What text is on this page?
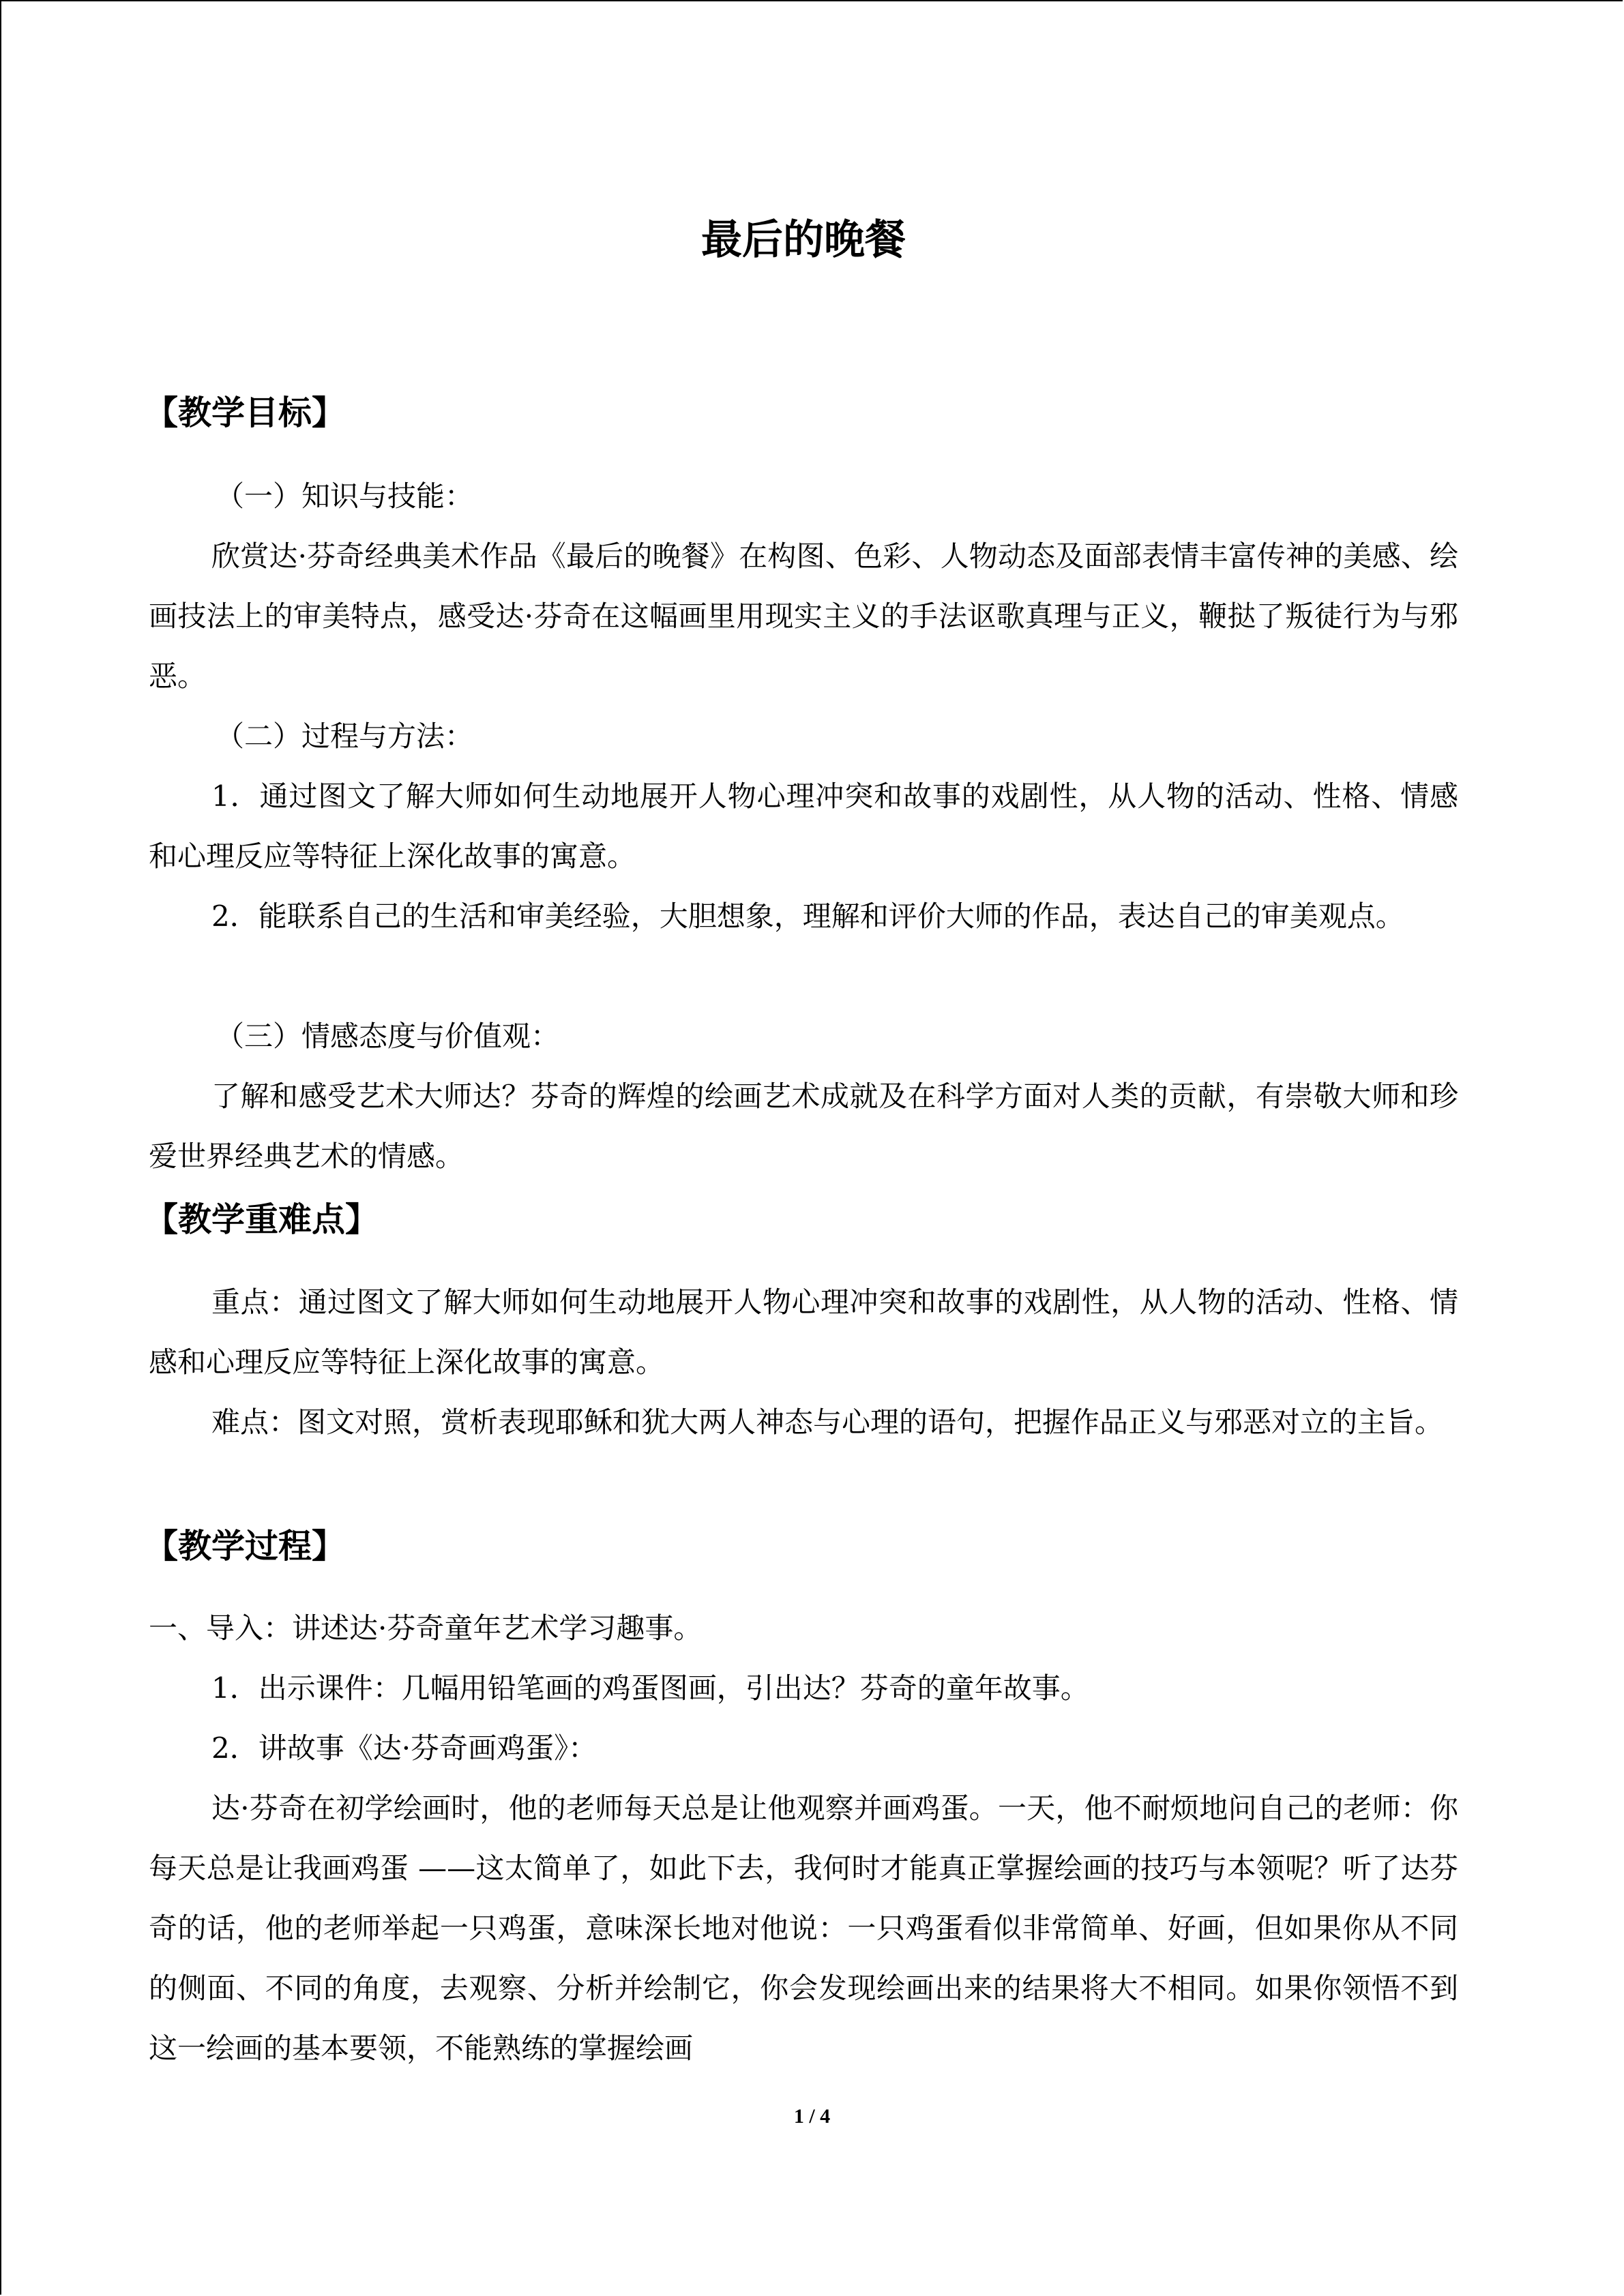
最后的晚餐
【教学目标】

（一）知识与技能：

欣赏达·芬奇经典美术作品《最后的晚餐》在构图、色彩、人物动态及面部表情丰富传神的美感、绘画技法上的审美特点，感受达·芬奇在这幅画里用现实主义的手法讴歌真理与正义，鞭挞了叛徒行为与邪恶。

（二）过程与方法：

1．通过图文了解大师如何生动地展开人物心理冲突和故事的戏剧性，从人物的活动、性格、情感和心理反应等特征上深化故事的寓意。

2．能联系自己的生活和审美经验，大胆想象，理解和评价大师的作品，表达自己的审美观点。

（三）情感态度与价值观：

了解和感受艺术大师达？芬奇的辉煌的绘画艺术成就及在科学方面对人类的贡献，有崇敬大师和珍爱世界经典艺术的情感。

【教学重难点】

重点：通过图文了解大师如何生动地展开人物心理冲突和故事的戏剧性，从人物的活动、性格、情感和心理反应等特征上深化故事的寓意。

难点：图文对照，赏析表现耶稣和犹大两人神态与心理的语句，把握作品正义与邪恶对立的主旨。

【教学过程】

一、导入：讲述达·芬奇童年艺术学习趣事。

1．出示课件：几幅用铅笔画的鸡蛋图画，引出达？芬奇的童年故事。

2．讲故事《达·芬奇画鸡蛋》：

达·芬奇在初学绘画时，他的老师每天总是让他观察并画鸡蛋。一天，他不耐烦地问自己的老师：你每天总是让我画鸡蛋 ——这太简单了，如此下去，我何时才能真正掌握绘画的技巧与本领呢？听了达芬奇的话，他的老师举起一只鸡蛋，意味深长地对他说：一只鸡蛋看似非常简单、好画，但如果你从不同的侧面、不同的角度，去观察、分析并绘制它，你会发现绘画出来的结果将大不相同。如果你领悟不到这一绘画的基本要领，不能熟练的掌握绘画

1 / 4
